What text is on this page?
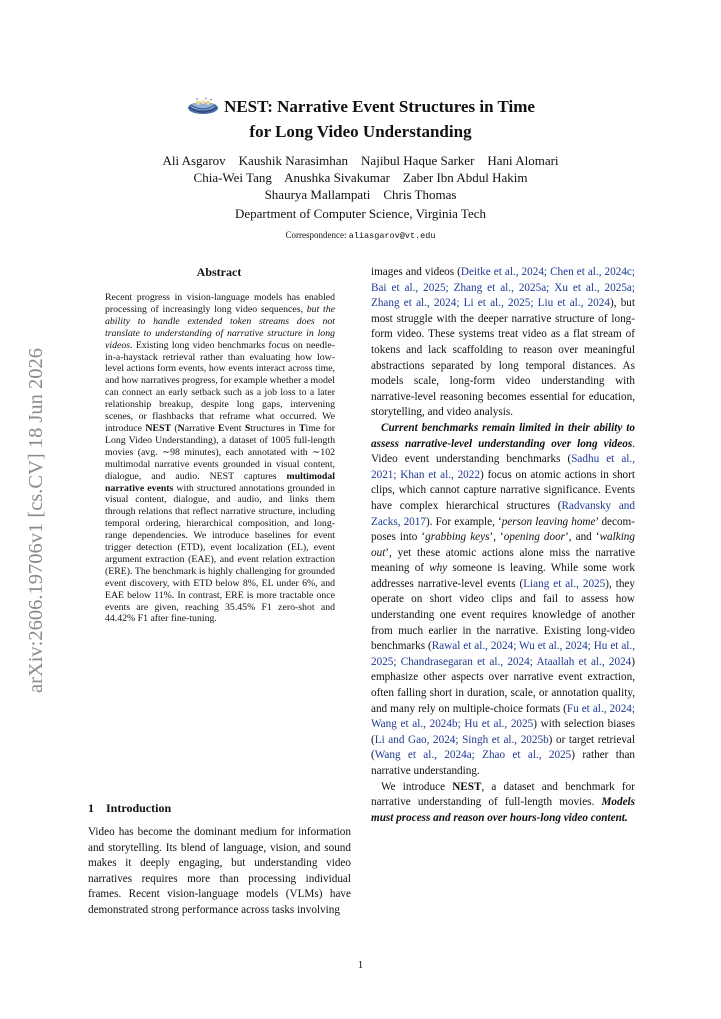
arXiv:2606.19706v1 [cs.CV] 18 Jun 2026
NEST: Narrative Event Structures in Time
for Long Video Understanding
Ali Asgarov    Kaushik Narasimhan    Najibul Haque Sarker    Hani Alomari
Chia-Wei Tang    Anushka Sivakumar    Zaber Ibn Abdul Hakim
Shaurya Mallampati    Chris Thomas
Department of Computer Science, Virginia Tech
Correspondence: aliasgarov@vt.edu
Abstract
Recent progress in vision-language models has enabled processing of increasingly long video sequences, but the ability to handle extended token streams does not translate to understanding of narrative structure in long videos. Existing long video benchmarks focus on needle-in-a-haystack retrieval rather than evaluating how low-level actions form events, how events interact across time, and how narratives progress, for example whether a model can connect an early setback such as a job loss to a later relationship breakup, despite long gaps, intervening scenes, or flashbacks that reframe what occurred. We introduce NEST (Narrative Event Structures in Time for Long Video Understanding), a dataset of 1005 full-length movies (avg. ∼98 minutes), each annotated with ∼102 multimodal narrative events grounded in visual content, dialogue, and audio. NEST captures multimodal narrative events with structured annotations grounded in visual content, dialogue, and audio, and links them through relations that reflect narrative structure, including temporal ordering, hierarchical composition, and long-range dependencies. We introduce baselines for event trigger detection (ETD), event localization (EL), event argument extraction (EAE), and event relation extraction (ERE). The benchmark is highly challenging for grounded event discovery, with ETD below 8%, EL under 6%, and EAE below 11%. In contrast, ERE is more tractable once events are given, reaching 35.45% F1 zero-shot and 44.42% F1 after fine-tuning.
1 Introduction
Video has become the dominant medium for information and storytelling. Its blend of language, vision, and sound makes it deeply engaging, but understanding video narratives requires more than processing individual frames. Recent vision-language models (VLMs) have demonstrated strong performance across tasks involving

images and videos (Deitke et al., 2024; Chen et al., 2024c; Bai et al., 2025; Zhang et al., 2025a; Xu et al., 2025a; Zhang et al., 2024; Li et al., 2025; Liu et al., 2024), but most struggle with the deeper narrative structure of long-form video. These systems treat video as a flat stream of tokens and lack scaffolding to reason over meaningful abstractions separated by long temporal distances. As models scale, long-form video understanding with narrative-level reasoning becomes essential for education, storytelling, and video analysis.

Current benchmarks remain limited in their ability to assess narrative-level understanding over long videos. Video event understanding benchmarks (Sadhu et al., 2021; Khan et al., 2022) focus on atomic actions in short clips, which cannot capture narrative significance. Events have complex hierarchical structures (Radvansky and Zacks, 2017). For example, ‘person leaving home’ decomposes into ‘grabbing keys’, ‘opening door’, and ‘walking out’, yet these atomic actions alone miss the narrative meaning of why someone is leaving. While some work addresses narrative-level events (Liang et al., 2025), they operate on short video clips and fail to assess how understanding one event requires knowledge of another from much earlier in the narrative. Existing long-video benchmarks (Rawal et al., 2024; Wu et al., 2024; Hu et al., 2025; Chandrasegaran et al., 2024; Ataallah et al., 2024) emphasize other aspects over narrative event extraction, often falling short in duration, scale, or annotation quality, and many rely on multiple-choice formats (Fu et al., 2024; Wang et al., 2024b; Hu et al., 2025) with selection biases (Li and Gao, 2024; Singh et al., 2025b) or target retrieval (Wang et al., 2024a; Zhao et al., 2025) rather than narrative understanding.

We introduce NEST, a dataset and benchmark for narrative understanding of full-length movies. Models must process and reason over hours-long video content.

1
